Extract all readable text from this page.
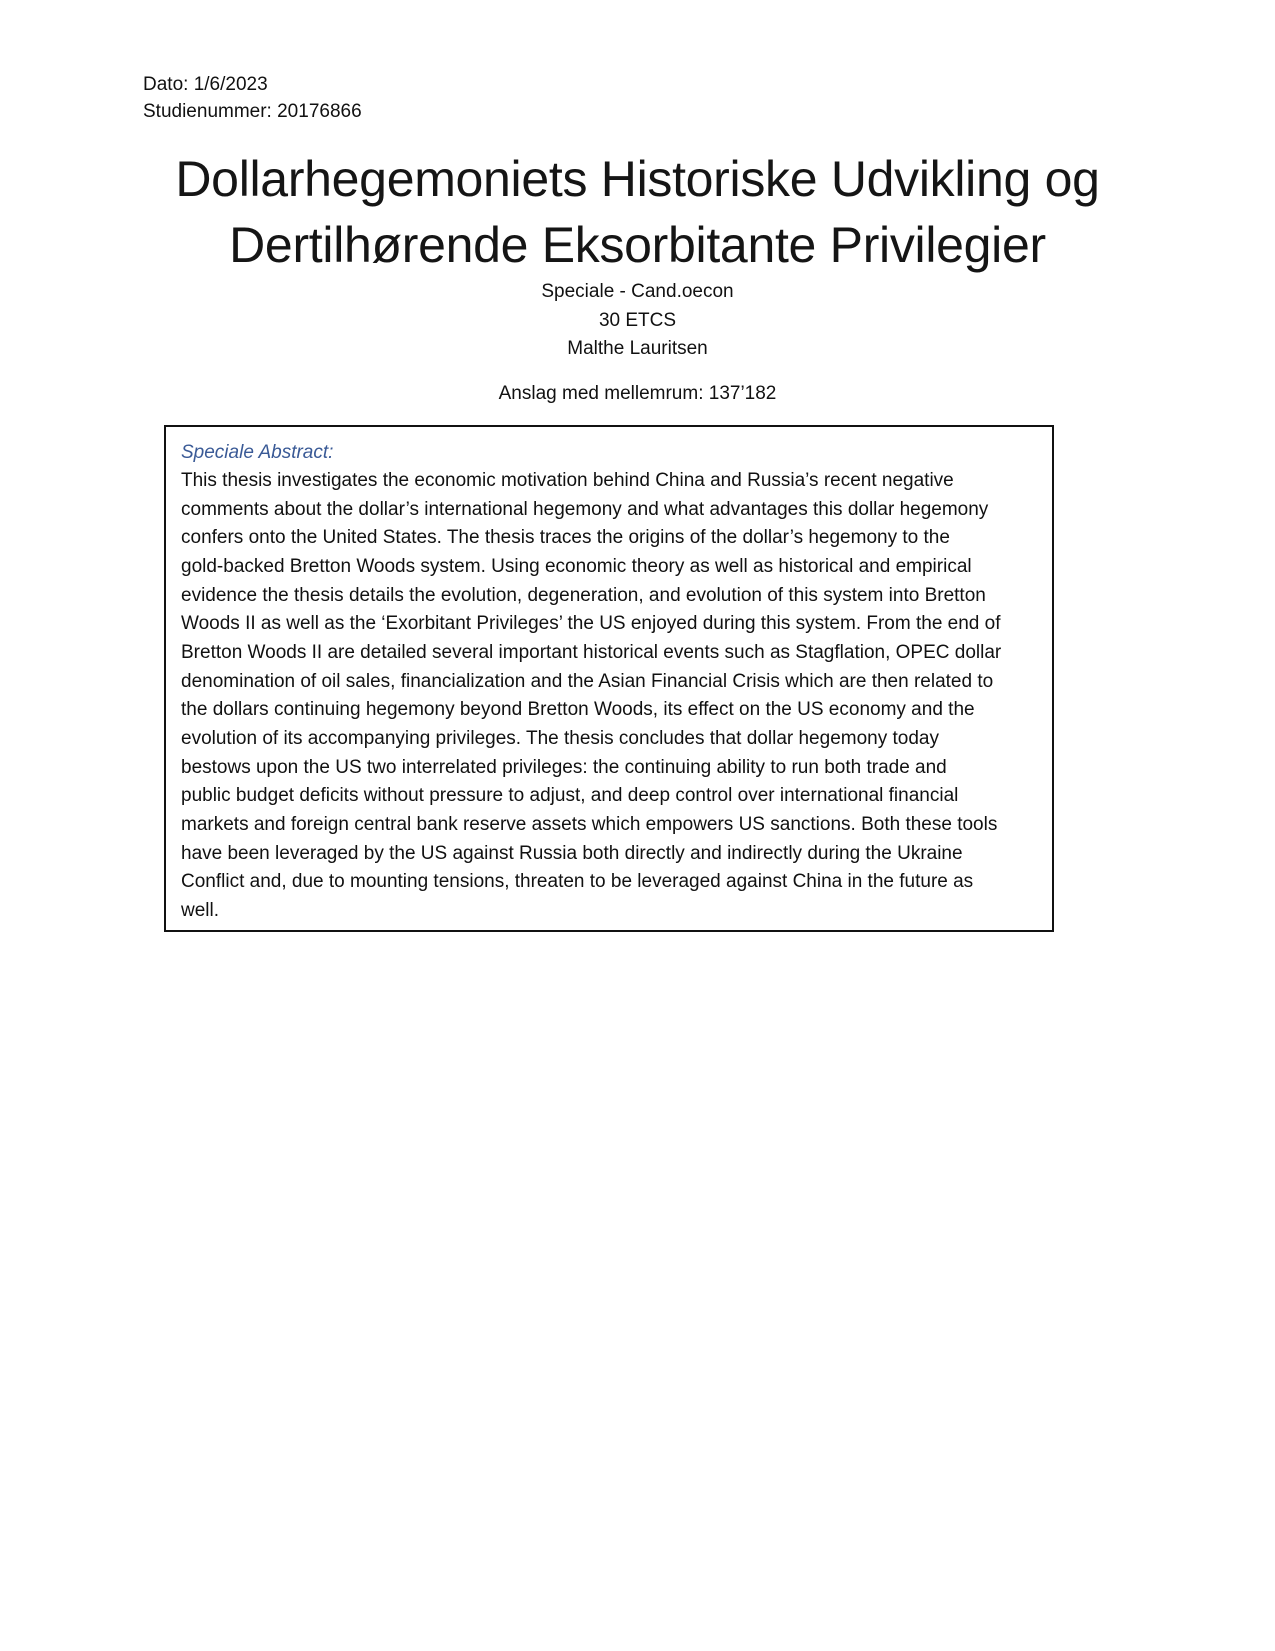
Dato: 1/6/2023
Studienummer: 20176866
Dollarhegemoniets Historiske Udvikling og
Dertilhørende Eksorbitante Privilegier
Speciale - Cand.oecon
30 ETCS
Malthe Lauritsen
Anslag med mellemrum: 137’182
Speciale Abstract:
This thesis investigates the economic motivation behind China and Russia’s recent negative
comments about the dollar’s international hegemony and what advantages this dollar hegemony
confers onto the United States. The thesis traces the origins of the dollar’s hegemony to the
gold-backed Bretton Woods system. Using economic theory as well as historical and empirical
evidence the thesis details the evolution, degeneration, and evolution of this system into Bretton
Woods II as well as the ‘Exorbitant Privileges’ the US enjoyed during this system. From the end of
Bretton Woods II are detailed several important historical events such as Stagflation, OPEC dollar
denomination of oil sales, financialization and the Asian Financial Crisis which are then related to
the dollars continuing hegemony beyond Bretton Woods, its effect on the US economy and the
evolution of its accompanying privileges. The thesis concludes that dollar hegemony today
bestows upon the US two interrelated privileges: the continuing ability to run both trade and
public budget deficits without pressure to adjust, and deep control over international financial
markets and foreign central bank reserve assets which empowers US sanctions. Both these tools
have been leveraged by the US against Russia both directly and indirectly during the Ukraine
Conflict and, due to mounting tensions, threaten to be leveraged against China in the future as
well.
